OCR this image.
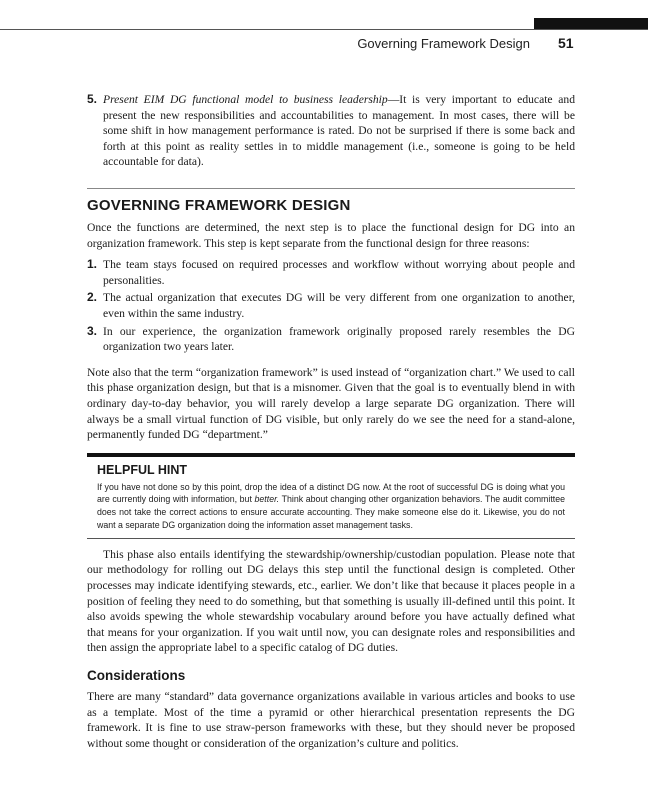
Governing Framework Design 51
5. Present EIM DG functional model to business leadership—It is very important to educate and present the new responsibilities and accountabilities to management. In most cases, there will be some shift in how management performance is rated. Do not be surprised if there is some back and forth at this point as reality settles in to middle management (i.e., someone is going to be held accountable for data).

GOVERNING FRAMEWORK DESIGN

Once the functions are determined, the next step is to place the functional design for DG into an organization framework. This step is kept separate from the functional design for three reasons:

1. The team stays focused on required processes and workflow without worrying about people and personalities.

2. The actual organization that executes DG will be very different from one organization to another, even within the same industry.

3. In our experience, the organization framework originally proposed rarely resembles the DG organization two years later.

Note also that the term “organization framework” is used instead of “organization chart.” We used to call this phase organization design, but that is a misnomer. Given that the goal is to eventually blend in with ordinary day-to-day behavior, you will rarely develop a large separate DG organization. There will always be a small virtual function of DG visible, but only rarely do we see the need for a stand-alone, permanently funded DG “department.”

HELPFUL HINT

If you have not done so by this point, drop the idea of a distinct DG now. At the root of successful DG is doing what you are currently doing with information, but better. Think about changing other organization behaviors. The audit committee does not take the correct actions to ensure accurate accounting. They make someone else do it. Likewise, you do not want a separate DG organization doing the information asset management tasks.

This phase also entails identifying the stewardship/ownership/custodian population. Please note that our methodology for rolling out DG delays this step until the functional design is completed. Other processes may indicate identifying stewards, etc., earlier. We don’t like that because it places people in a position of feeling they need to do something, but that something is usually ill-defined until this point. It also avoids spewing the whole stewardship vocabulary around before you have actually defined what that means for your organization. If you wait until now, you can designate roles and responsibilities and then assign the appropriate label to a specific catalog of DG duties.

Considerations

There are many “standard” data governance organizations available in various articles and books to use as a template. Most of the time a pyramid or other hierarchical presentation represents the DG framework. It is fine to use straw-person frameworks with these, but they should never be proposed without some thought or consideration of the organization’s culture and politics.
